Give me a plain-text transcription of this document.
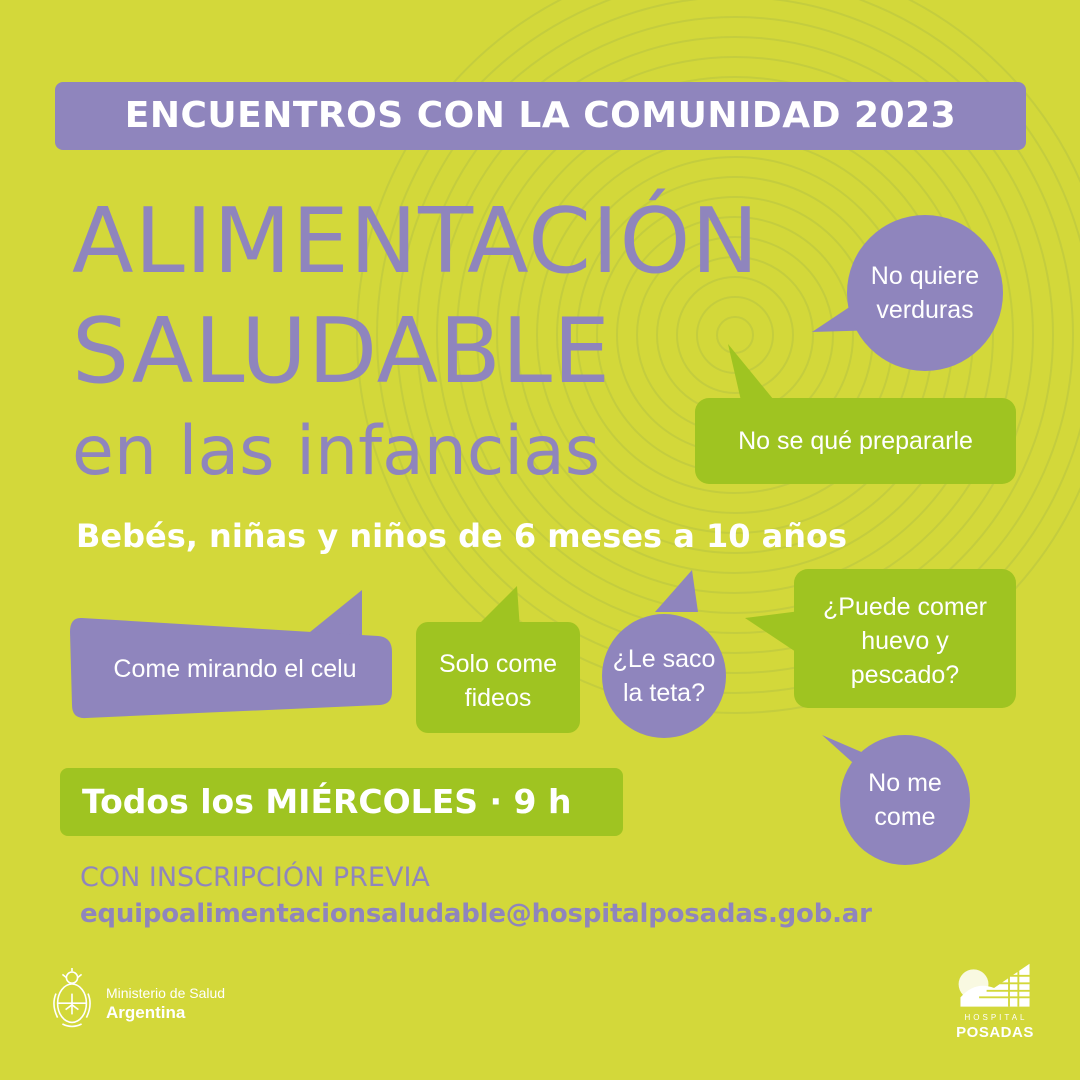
ENCUENTROS CON LA COMUNIDAD 2023
ALIMENTACIÓN
SALUDABLE
en las infancias
Bebés, niñas y niños de 6 meses a 10 años
No quiere
verduras
No se qué prepararle
Come mirando el celu	Solo come
fideos
¿Le saco
la teta?
¿Puede comer
huevo y
pescado?
No me
come
Todos los MIÉRCOLES · 9 h
CON INSCRIPCIÓN PREVIA
equipoalimentacionsaludable@hospitalposadas.gob.ar
Ministerio de Salud
Argentina	HOSPITAL
POSADAS
